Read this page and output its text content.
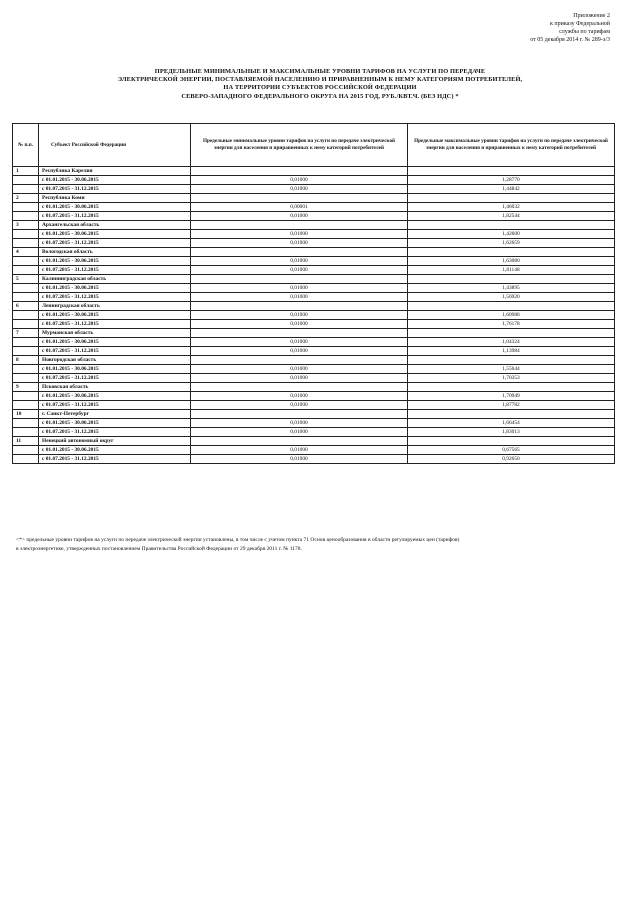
Приложение 2
к приказу Федеральной
службы по тарифам
от 05 декабря 2014 г. № 289-э/3
ПРЕДЕЛЬНЫЕ МИНИМАЛЬНЫЕ И МАКСИМАЛЬНЫЕ УРОВНИ ТАРИФОВ НА УСЛУГИ ПО ПЕРЕДАЧЕ
ЭЛЕКТРИЧЕСКОЙ ЭНЕРГИИ, ПОСТАВЛЯЕМОЙ НАСЕЛЕНИЮ И ПРИРАВНЕННЫМ К НЕМУ КАТЕГОРИЯМ ПОТРЕБИТЕЛЕЙ,
НА ТЕРРИТОРИИ СУБЪЕКТОВ РОССИЙСКОЙ ФЕДЕРАЦИИ
СЕВЕРО-ЗАПАДНОГО ФЕДЕРАЛЬНОГО ОКРУГА НА 2015 ГОД, РУБ./КВТ.Ч. (БЕЗ НДС) *
№ п.п.	Субъект Российской Федерации	Предельные минимальные уровни тарифов на услуги по передаче электрической энергии для населения и приравненных к нему категорий потребителей	Предельные максимальные уровни тарифов на услуги по передаче электрической энергии для населения и приравненных к нему категорий потребителей
1	Республика Карелия		
	с 01.01.2015 - 30.06.2015	0,01000	1,28770
	с 01.07.2015 - 31.12.2015	0,01000	1,44842
2	Республика Коми		
	с 01.01.2015 - 30.06.2015	0,00001	1,46032
	с 01.07.2015 - 31.12.2015	0,01000	1,82544
3	Архангельская область		
	с 01.01.2015 - 30.06.2015	0,01000	1,42600
	с 01.07.2015 - 31.12.2015	0,01000	1,62659
4	Вологодская область		
	с 01.01.2015 - 30.06.2015	0,01000	1,63080
	с 01.07.2015 - 31.12.2015	0,01000	1,81148
5	Калининградская область		
	с 01.01.2015 - 30.06.2015	0,01000	1,43895
	с 01.07.2015 - 31.12.2015	0,01000	1,56920
6	Ленинградская область		
	с 01.01.2015 - 30.06.2015	0,01000	1,60988
	с 01.07.2015 - 31.12.2015	0,01000	1,76178
7	Мурманская область		
	с 01.01.2015 - 30.06.2015	0,01000	1,04324
	с 01.07.2015 - 31.12.2015	0,01000	1,13984
8	Новгородская область		
	с 01.01.2015 - 30.06.2015	0,01000	1,55644
	с 01.07.2015 - 31.12.2015	0,01000	1,70353
9	Псковская область		
	с 01.01.2015 - 30.06.2015	0,01000	1,70949
	с 01.07.2015 - 31.12.2015	0,01000	1,87782
10	г. Санкт-Петербург		
	с 01.01.2015 - 30.06.2015	0,01000	1,66454
	с 01.07.2015 - 31.12.2015	0,01000	1,83013
11	Ненецкий автономный округ		
	с 01.01.2015 - 30.06.2015	0,01000	0,67565
	с 01.07.2015 - 31.12.2015	0,01000	0,92650
<*> предельные уровни тарифов на услуги по передаче электрической энергии установлены, в том числе с учетом пункта 71 Основ ценообразования в области регулируемых цен (тарифов)
в электроэнергетике, утвержденных постановлением Правительства Российской Федерации от 29 декабря 2011 г. № 1178.
